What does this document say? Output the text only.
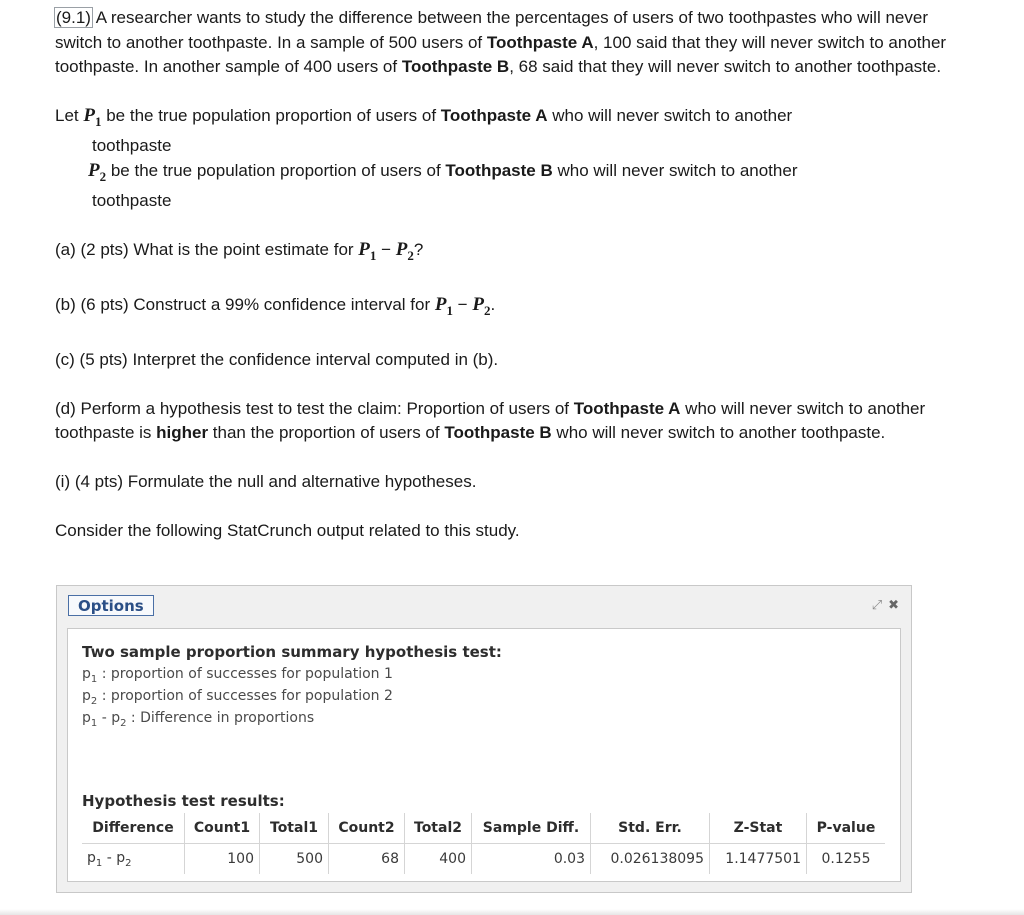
(9.1) A researcher wants to study the difference between the percentages of users of two toothpastes who will never switch to another toothpaste. In a sample of 500 users of Toothpaste A, 100 said that they will never switch to another toothpaste. In another sample of 400 users of Toothpaste B, 68 said that they will never switch to another toothpaste.

Let $P_1$ be the true population proportion of users of Toothpaste A who will never switch to another

toothpaste

$P_2$ be the true population proportion of users of Toothpaste B who will never switch to another

toothpaste

(a) (2 pts) What is the point estimate for $P_1 - P_2$?

(b) (6 pts) Construct a 99% confidence interval for $P_1 - P_2$.

(c) (5 pts) Interpret the confidence interval computed in (b).

(d) Perform a hypothesis test to test the claim: Proportion of users of Toothpaste A who will never switch to another toothpaste is higher than the proportion of users of Toothpaste B who will never switch to another toothpaste.

(i) (4 pts) Formulate the null and alternative hypotheses.

Consider the following StatCrunch output related to this study.

Options	⤢ ✖
Two sample proportion summary hypothesis test:
$p_1$ : proportion of successes for population 1
$p_2$ : proportion of successes for population 2
$p_1 - p_2$ : Difference in proportions
Hypothesis test results:
Difference	Count1	Total1	Count2	Total2	Sample Diff.	Std. Err.	Z-Stat	P-value
$p_1 - p_2$	100	500	68	400	0.03	0.026138095	1.1477501	0.1255
